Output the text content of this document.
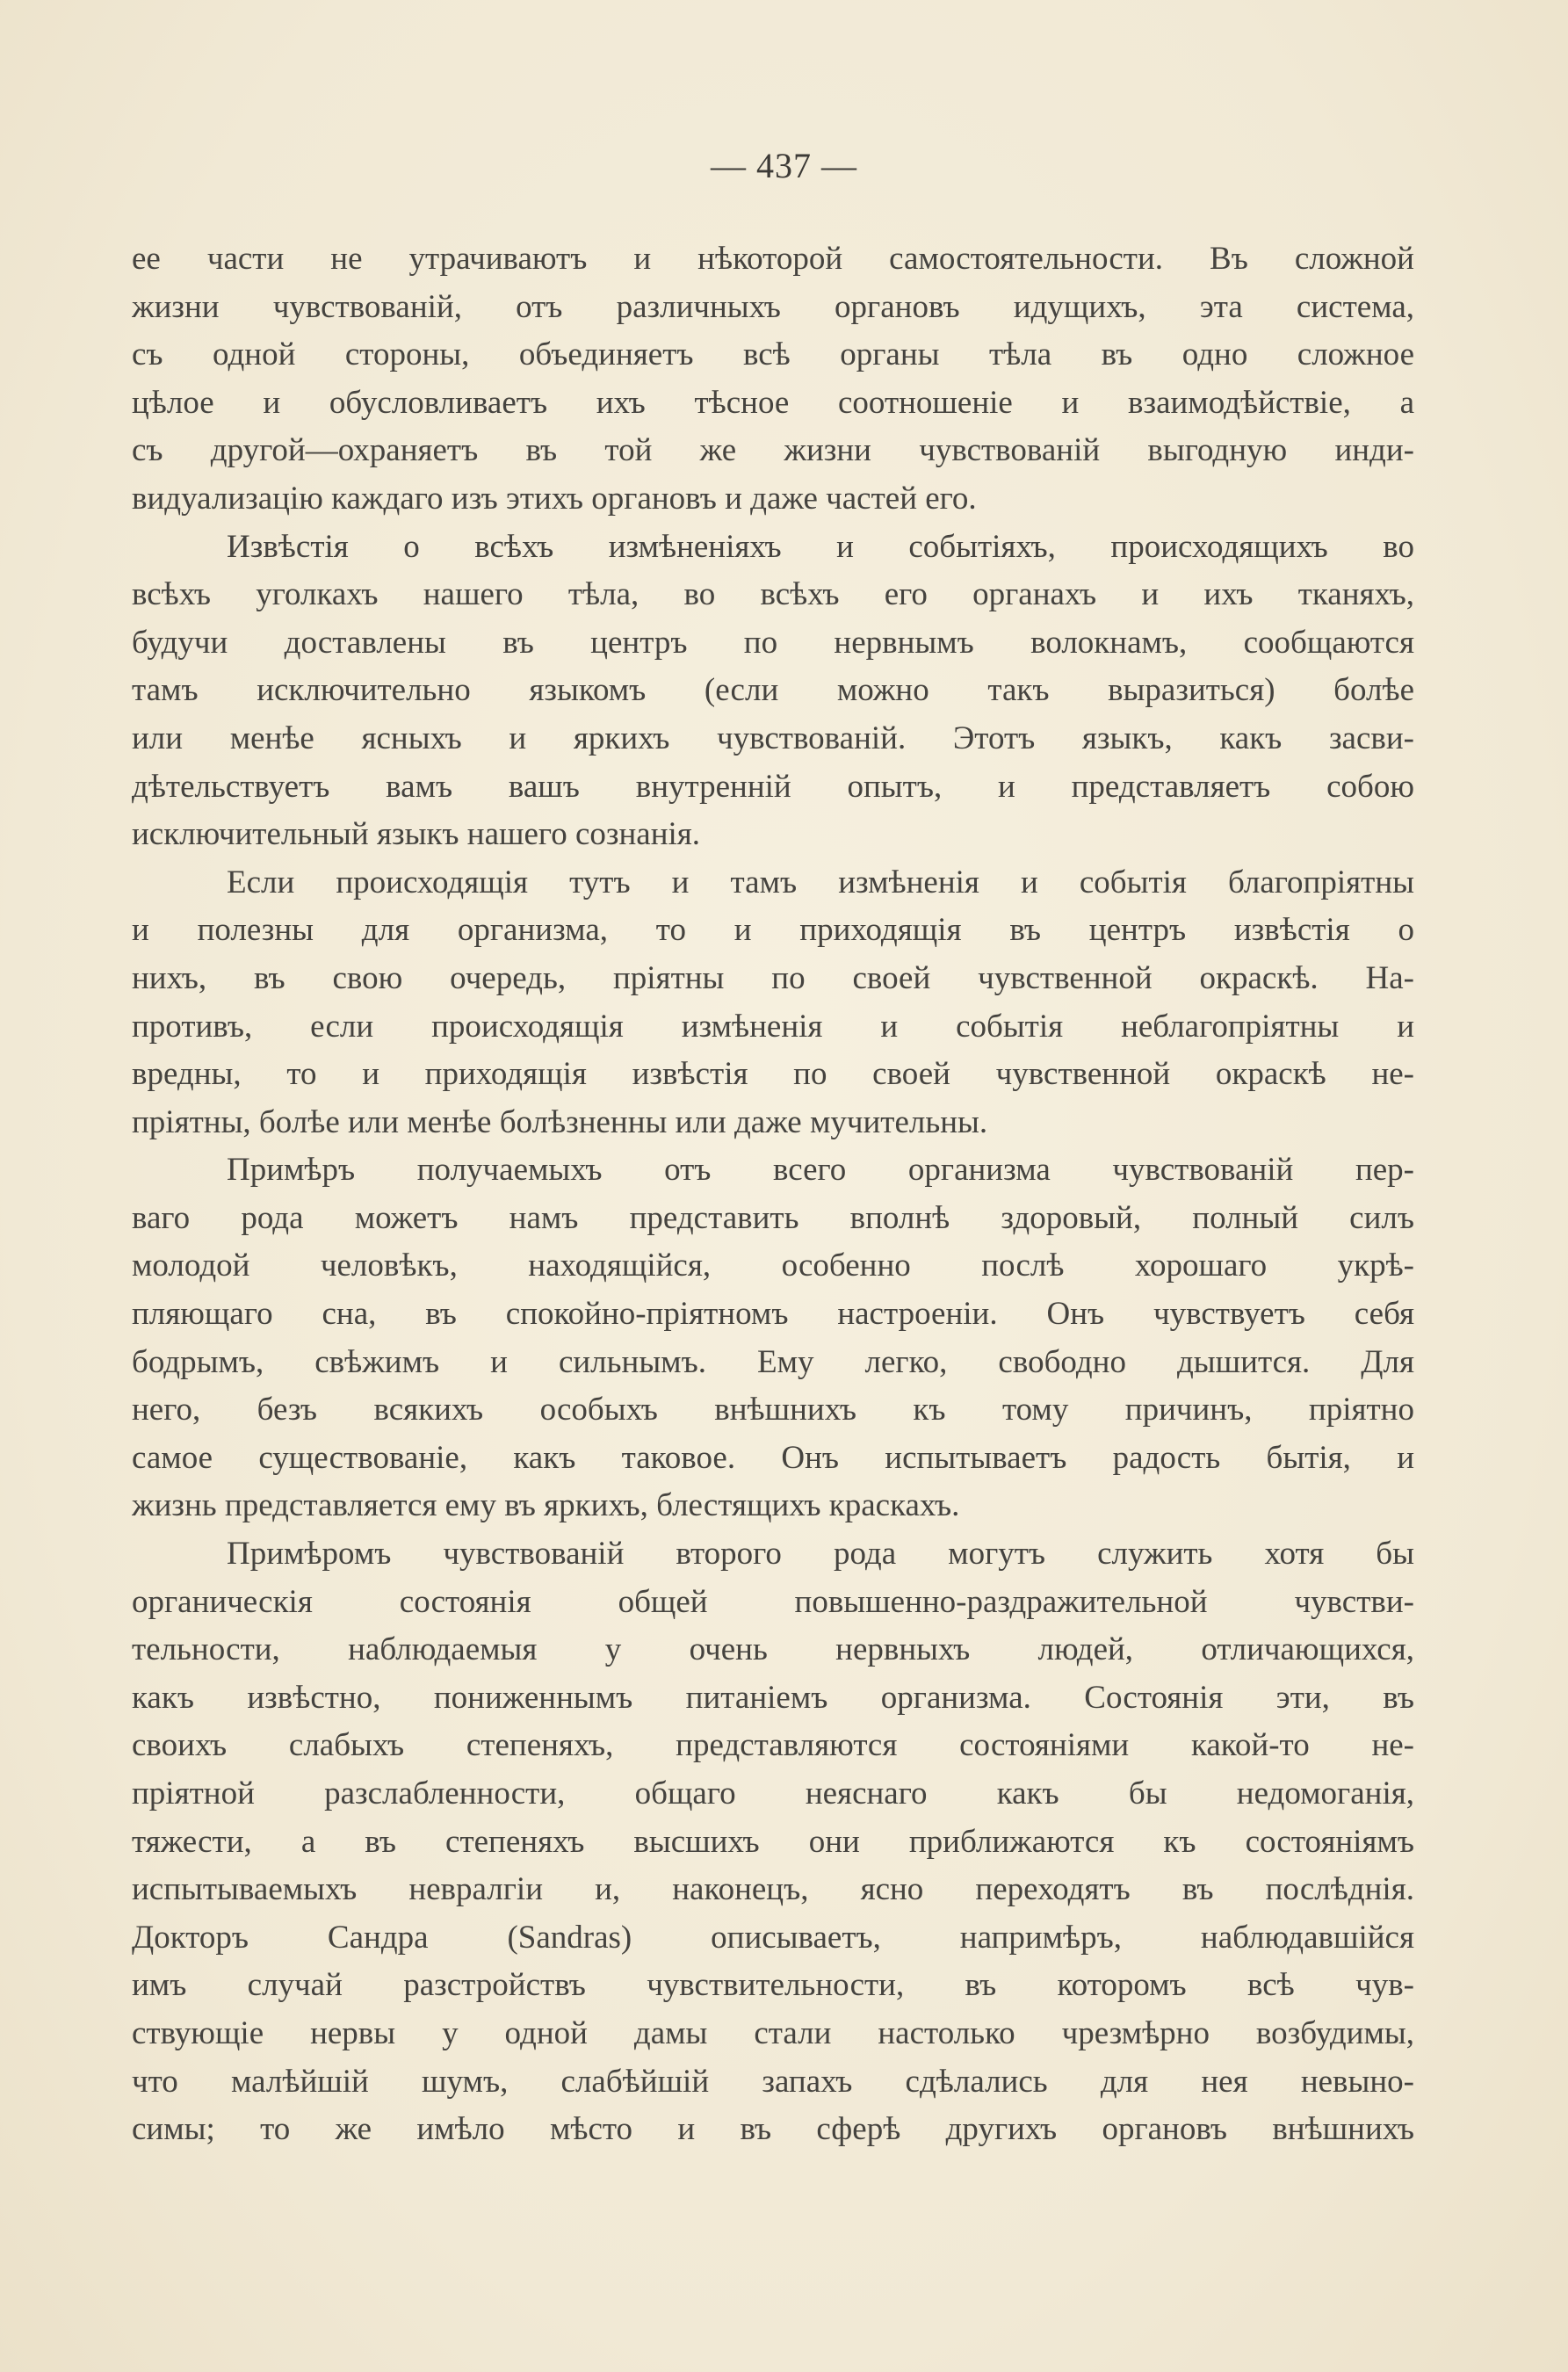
— 437 —
ее части не утрачиваютъ и нѣкоторой самостоятельности. Въ сложной
жизни чувствованій, отъ различныхъ органовъ идущихъ, эта система,
съ одной стороны, объединяетъ всѣ органы тѣла въ одно сложное
цѣлое и обусловливаетъ ихъ тѣсное соотношеніе и взаимодѣйствіе, а
съ другой—охраняетъ въ той же жизни чувствованій выгодную инди-
видуализацію каждаго изъ этихъ органовъ и даже частей его.
Извѣстія о всѣхъ измѣненіяхъ и событіяхъ, происходящихъ во
всѣхъ уголкахъ нашего тѣла, во всѣхъ его органахъ и ихъ тканяхъ,
будучи доставлены въ центръ по нервнымъ волокнамъ, сообщаются
тамъ исключительно языкомъ (если можно такъ выразиться) болѣе
или менѣе ясныхъ и яркихъ чувствованій. Этотъ языкъ, какъ засви-
дѣтельствуетъ вамъ вашъ внутренній опытъ, и представляетъ собою
исключительный языкъ нашего сознанія.
Если происходящія тутъ и тамъ измѣненія и событія благопріятны
и полезны для организма, то и приходящія въ центръ извѣстія о
нихъ, въ свою очередь, пріятны по своей чувственной окраскѣ. На-
противъ, если происходящія измѣненія и событія неблагопріятны и
вредны, то и приходящія извѣстія по своей чувственной окраскѣ не-
пріятны, болѣе или менѣе болѣзненны или даже мучительны.
Примѣръ получаемыхъ отъ всего организма чувствованій пер-
ваго рода можетъ намъ представить вполнѣ здоровый, полный силъ
молодой человѣкъ, находящійся, особенно послѣ хорошаго укрѣ-
пляющаго сна, въ спокойно-пріятномъ настроеніи. Онъ чувствуетъ себя
бодрымъ, свѣжимъ и сильнымъ. Ему легко, свободно дышится. Для
него, безъ всякихъ особыхъ внѣшнихъ къ тому причинъ, пріятно
самое существованіе, какъ таковое. Онъ испытываетъ радость бытія, и
жизнь представляется ему въ яркихъ, блестящихъ краскахъ.
Примѣромъ чувствованій второго рода могутъ служить хотя бы
органическія состоянія общей повышенно-раздражительной чувстви-
тельности, наблюдаемыя у очень нервныхъ людей, отличающихся,
какъ извѣстно, пониженнымъ питаніемъ организма. Состоянія эти, въ
своихъ слабыхъ степеняхъ, представляются состояніями какой-то не-
пріятной разслабленности, общаго неяснаго какъ бы недомоганія,
тяжести, а въ степеняхъ высшихъ они приближаются къ состояніямъ
испытываемыхъ невралгіи и, наконецъ, ясно переходятъ въ послѣднія.
Докторъ Сандра (Sandras) описываетъ, напримѣръ, наблюдавшійся
имъ случай разстройствъ чувствительности, въ которомъ всѣ чув-
ствующіе нервы у одной дамы стали настолько чрезмѣрно возбудимы,
что малѣйшій шумъ, слабѣйшій запахъ сдѣлались для нея невыно-
симы; то же имѣло мѣсто и въ сферѣ другихъ органовъ внѣшнихъ
